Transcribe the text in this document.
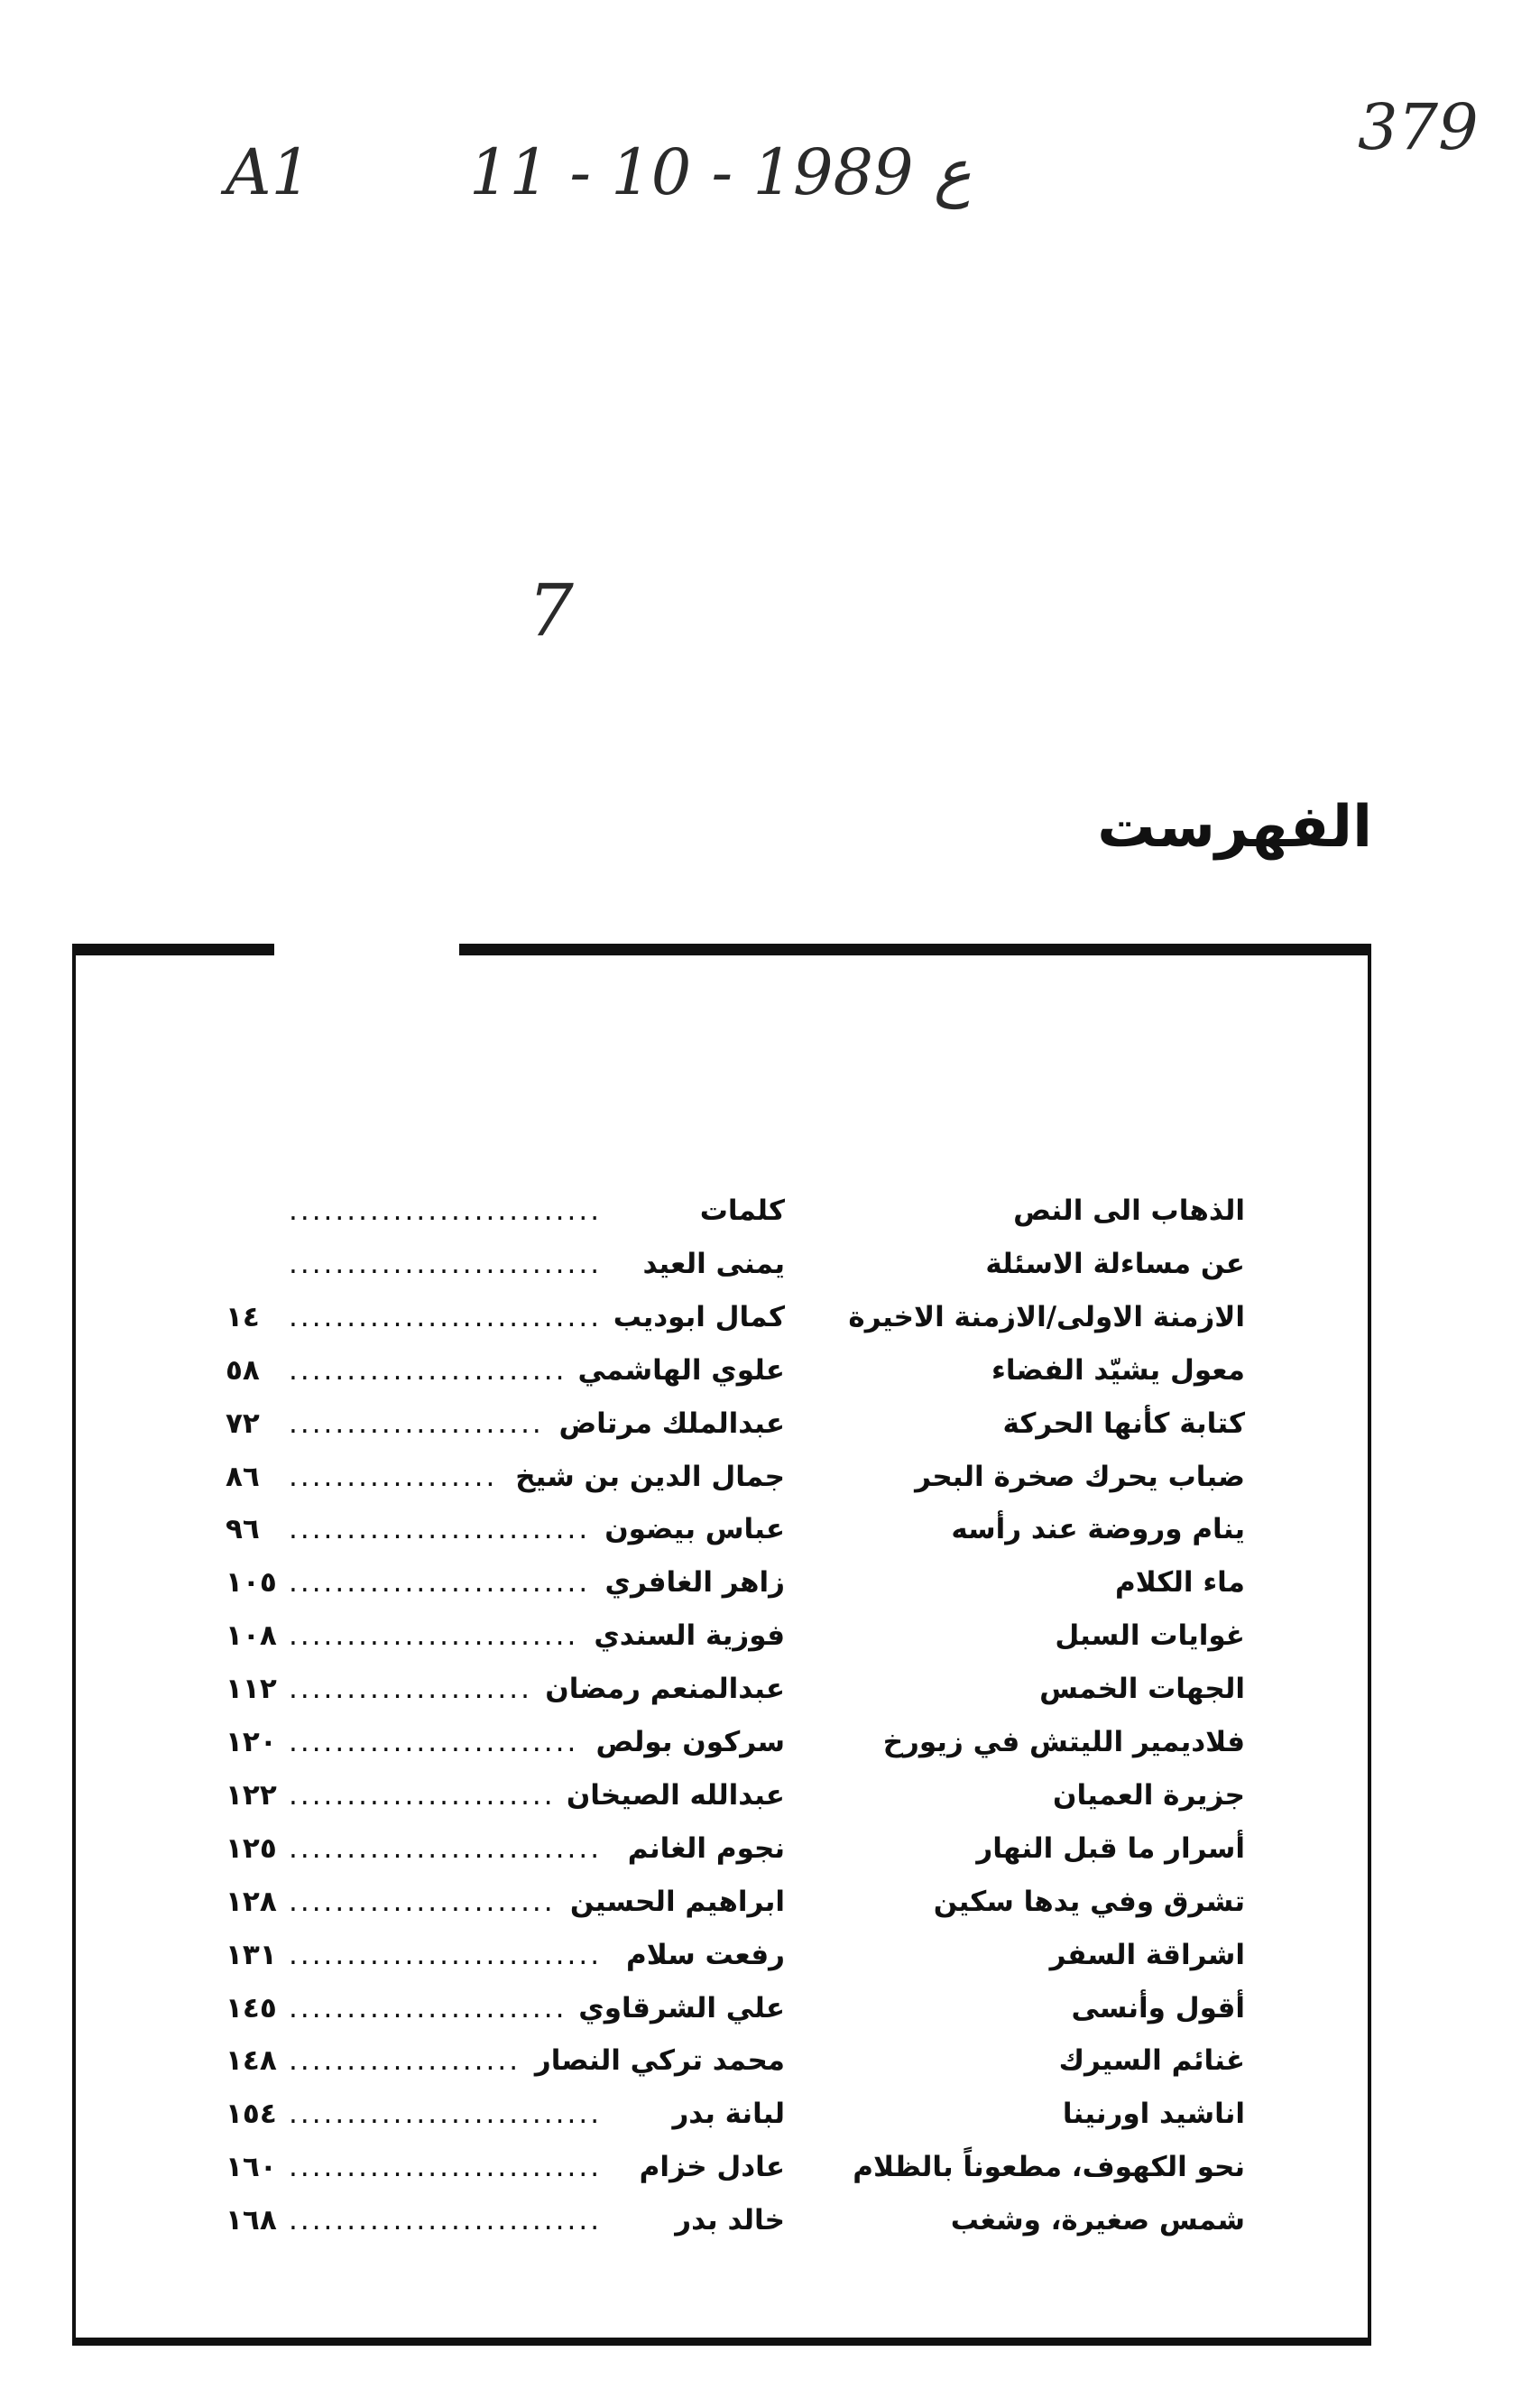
A1 11 - 10 - ع 1989
379
7
الفهرست
الذهاب الى النص
كلمات
...........................
عن مساءلة الاسئلة
يمنى العيد
...........................
الازمنة الاولى/الازمنة الاخيرة
كمال ابوديب
...........................
١٤
معول يشيّد الفضاء
علوي الهاشمي
........................
٥٨
كتابة كأنها الحركة
عبدالملك مرتاض
......................
٧٢
ضباب يحرك صخرة البحر
جمال الدين بن شيخ
..................
٨٦
ينام وروضة عند رأسه
عباس بيضون
..........................
٩٦
ماء الكلام
زاهر الغافري
..........................
١٠٥
غوايات السبل
فوزية السندي
.........................
١٠٨
الجهات الخمس
عبدالمنعم رمضان
.....................
١١٢
فلاديمير الليتش في زيورخ
سركون بولص
.........................
١٢٠
جزيرة العميان
عبدالله الصيخان
.......................
١٢٢
أسرار ما قبل النهار
نجوم الغانم
...........................
١٢٥
تشرق وفي يدها سكين
ابراهيم الحسين
.......................
١٢٨
اشراقة السفر
رفعت سلام
...........................
١٣١
أقول وأنسى
علي الشرقاوي
........................
١٤٥
غنائم السيرك
محمد تركي النصار
....................
١٤٨
اناشيد اورنينا
لبانة بدر
...........................
١٥٤
نحو الكهوف، مطعوناً بالظلام
عادل خزام
...........................
١٦٠
شمس صغيرة، وشغب
خالد بدر
...........................
١٦٨
